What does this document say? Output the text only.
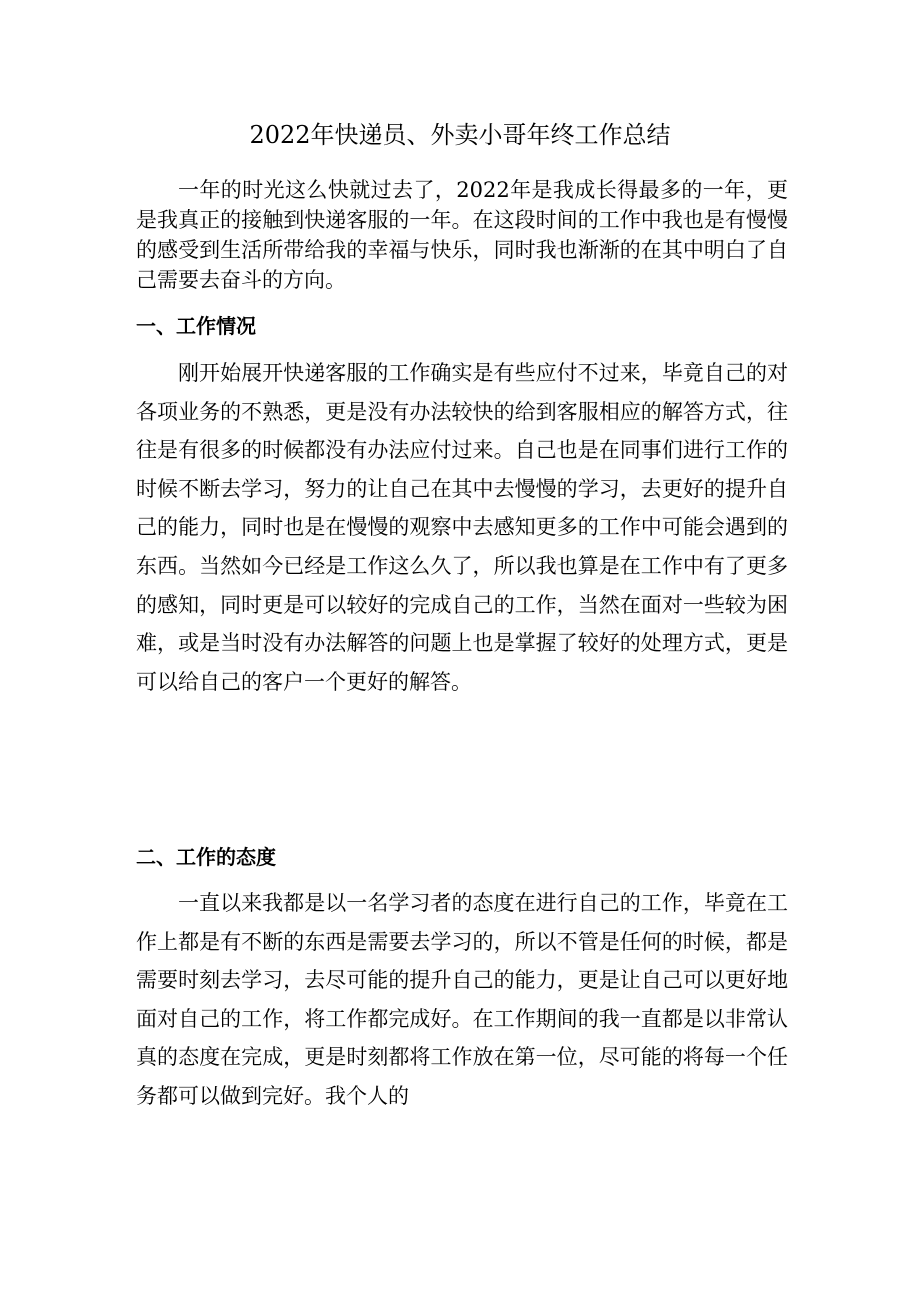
2022年快递员、外卖小哥年终工作总结

一年的时光这么快就过去了，2022年是我成长得最多的一年，更是我真正的接触到快递客服的一年。在这段时间的工作中我也是有慢慢的感受到生活所带给我的幸福与快乐，同时我也渐渐的在其中明白了自己需要去奋斗的方向。

一、工作情况

刚开始展开快递客服的工作确实是有些应付不过来，毕竟自己的对各项业务的不熟悉，更是没有办法较快的给到客服相应的解答方式，往往是有很多的时候都没有办法应付过来。自己也是在同事们进行工作的时候不断去学习，努力的让自己在其中去慢慢的学习，去更好的提升自己的能力，同时也是在慢慢的观察中去感知更多的工作中可能会遇到的东西。当然如今已经是工作这么久了，所以我也算是在工作中有了更多的感知，同时更是可以较好的完成自己的工作，当然在面对一些较为困难，或是当时没有办法解答的问题上也是掌握了较好的处理方式，更是可以给自己的客户一个更好的解答。

二、工作的态度

一直以来我都是以一名学习者的态度在进行自己的工作，毕竟在工作上都是有不断的东西是需要去学习的，所以不管是任何的时候，都是需要时刻去学习，去尽可能的提升自己的能力，更是让自己可以更好地面对自己的工作，将工作都完成好。在工作期间的我一直都是以非常认真的态度在完成，更是时刻都将工作放在第一位，尽可能的将每一个任务都可以做到完好。我个人的
